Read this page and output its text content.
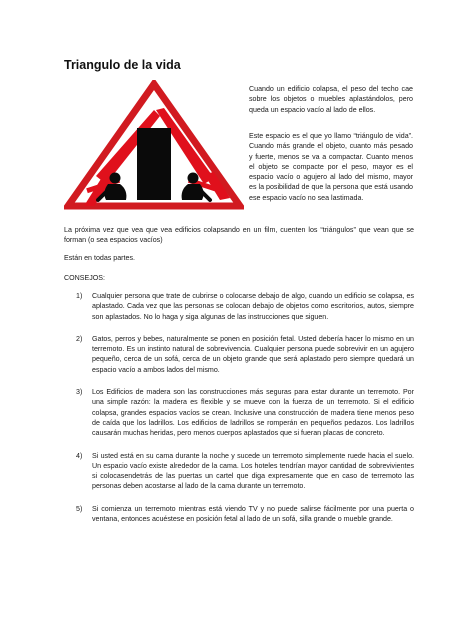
Triangulo de la vida

Cuando un edificio colapsa, el peso del techo cae sobre los objetos o muebles aplastándolos, pero queda un espacio vacío al lado de ellos.

Este espacio es el que yo llamo “triángulo de vida”. Cuando más grande el objeto, cuanto más pesado y fuerte, menos se va a compactar. Cuanto menos el objeto se compacte por el peso, mayor es el espacio vacío o agujero al lado del mismo, mayor es la posibilidad de que la persona que está usando ese espacio vacío no sea lastimada.

La próxima vez que vea que vea edificios colapsando en un film, cuenten los “triángulos” que vean que se forman (o sea espacios vacíos)

Están en todas partes.

CONSEJOS:

1) Cualquier persona que trate de cubrirse o colocarse debajo de algo, cuando un edificio se colapsa, es aplastado. Cada vez que las personas se colocan debajo de objetos como escritorios, autos, siempre son aplastados. No lo haga y siga algunas de las instrucciones que siguen.
2) Gatos, perros y bebes, naturalmente se ponen en posición fetal. Usted debería hacer lo mismo en un terremoto. Es un instinto natural de sobrevivencia. Cualquier persona puede sobrevivir en un agujero pequeño, cerca de un sofá, cerca de un objeto grande que será aplastado pero siempre quedará un espacio vacío a ambos lados del mismo.
3) Los Edificios de madera son las construcciones más seguras para estar durante un terremoto. Por una simple razón: la madera es flexible y se mueve con la fuerza de un terremoto. Si el edificio colapsa, grandes espacios vacíos se crean. Inclusive una construcción de madera tiene menos peso de caída que los ladrillos. Los edificios de ladrillos se romperán en pequeños pedazos. Los ladrillos causarán muchas heridas, pero menos cuerpos aplastados que si fueran placas de concreto.
4) Si usted está en su cama durante la noche y sucede un terremoto simplemente ruede hacia el suelo. Un espacio vacío existe alrededor de la cama. Los hoteles tendrían mayor cantidad de sobrevivientes si colocasendetrás de las puertas un cartel que diga expresamente que en caso de terremoto las personas deben acostarse al lado de la cama durante un terremoto.
5) Si comienza un terremoto mientras está viendo TV y no puede salirse fácilmente por una puerta o ventana, entonces acuéstese en posición fetal al lado de un sofá, silla grande o mueble grande.
